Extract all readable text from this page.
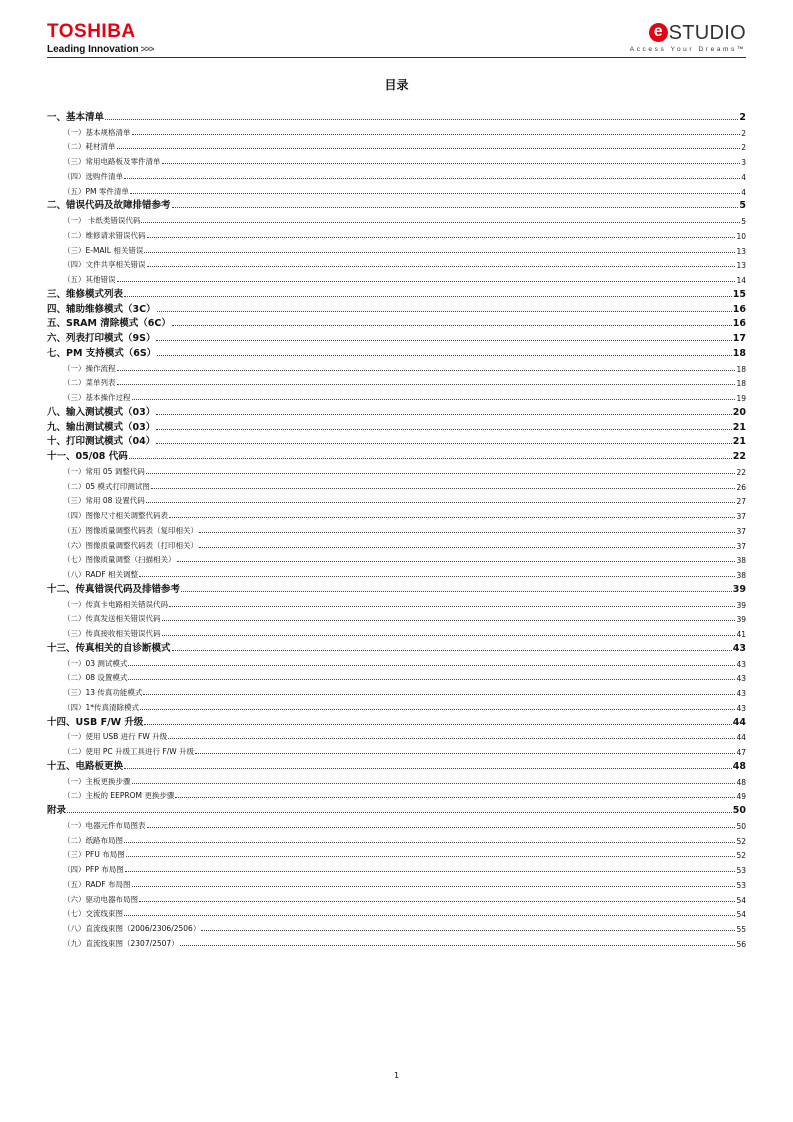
TOSHIBA
Leading Innovation >>>
e STUDIO
Access Your Dreams™
目录
一、基本清单	2
（一）基本规格清单	2
（二）耗材清单	2
（三）常用电路板及零件清单	3
（四）选购件清单	4
（五）PM 零件清单	4
二、错误代码及故障排错参考	5
（一） 卡纸类错误代码	5
（二）维修请求错误代码	10
（三）E-MAIL 相关错误	13
（四）文件共享相关错误	13
（五）其他错误	14
三、维修模式列表	15
四、辅助维修模式（3C）	16
五、SRAM 清除模式（6C）	16
六、列表打印模式（9S）	17
七、PM 支持模式（6S）	18
（一）操作流程	18
（二）菜单列表	18
（三）基本操作过程	19
八、输入测试模式（03）	20
九、输出测试模式（03）	21
十、打印测试模式（04）	21
十一、05/08 代码	22
（一）常用 05 调整代码	22
（二）05 模式打印测试图	26
（三）常用 08 设置代码	27
（四）图像尺寸相关调整代码表	37
（五）图像质量调整代码表（复印相关）	37
（六）图像质量调整代码表（打印相关）	37
（七）图像质量调整（扫描相关）	38
（八）RADF 相关调整	38
十二、传真错误代码及排错参考	39
（一）传真卡电路相关错误代码	39
（二）传真发送相关错误代码	39
（三）传真接收相关错误代码	41
十三、传真相关的自诊断模式	43
（一）03 测试模式	43
（二）08 设置模式	43
（三）13 传真功能模式	43
（四）1*传真清除模式	43
十四、USB F/W 升级	44
（一）使用 USB 进行 FW 升级	44
（二）使用 PC 升级工具进行 F/W 升级	47
十五、电路板更换	48
（一）主板更换步骤	48
（二）主板的 EEPROM 更换步骤	49
附录	50
（一）电器元件布局图表	50
（二）纸路布局图	52
（三）PFU 布局图	52
（四）PFP 布局图	53
（五）RADF 布局图	53
（六）驱动电器布局图	54
（七）交流线束图	54
（八）直流线束图（2006/2306/2506）	55
（九）直流线束图（2307/2507）	56
1
